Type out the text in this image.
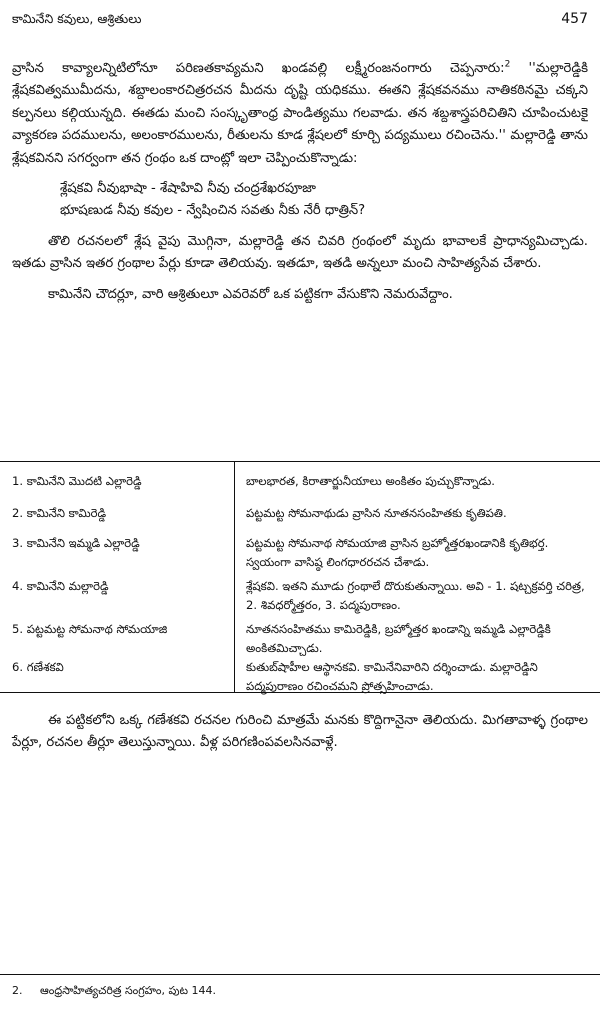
కామినేని కవులు, ఆశ్రితులు	457

వ్రాసిన కావ్యాలన్నిటిలోనూ పరిణతకావ్యమని ఖండవల్లి లక్ష్మీరంజనంగారు చెప్పనారు:$^2$ ''మల్లారెడ్డికి శ్లేషకవిత్వముమీదను, శబ్దాలంకారచిత్రరచన మీదను దృష్టి యధికము. ఈతని శ్లేషకవనము నాతికఠినమై చక్కని కల్పనలు కల్గియున్నది. ఈతడు మంచి సంస్కృతాంధ్ర పాండిత్యము గలవాడు. తన శబ్దశాస్త్రపరిచితిని చూపించుటకై వ్యాకరణ పదములను, అలంకారములను, రీతులను కూడ శ్లేషలలో కూర్చి పద్యములు రచించెను.'' మల్లారెడ్డి తాను శ్లేషకవినని సగర్వంగా తన గ్రంథం ఒక దాంట్లో ఇలా చెప్పించుకొన్నాడు:

శ్లేషకవి నీవుభాషా - శేషాహివి నీవు చంద్రశేఖరపూజా
భూషణుడ నీవు కవుల - న్వేషించిన సవతు నీకు నేరీ ధాత్రిన్?

తొలి రచనలలో శ్లేష వైపు మొగ్గినా, మల్లారెడ్డి తన చివరి గ్రంథంలో మృదు భావాలకే ప్రాధాన్యమిచ్చాడు. ఇతడు వ్రాసిన ఇతర గ్రంథాల పేర్లు కూడా తెలియవు. ఇతడూ, ఇతడి అన్నలూ మంచి సాహిత్యసేవ చేశారు.

కామినేని చౌదర్లూ, వారి ఆశ్రితులూ ఎవరెవరో ఒక పట్టికగా వేసుకొని నెమరువేద్దాం.

1. కామినేని మొదటి ఎల్లారెడ్డి	బాలభారత, కిరాతార్జునీయాలు అంకితం పుచ్చుకొన్నాడు.
2. కామినేని కామిరెడ్డి	పట్టమట్ట సోమనాథుడు వ్రాసిన నూతనసంహితకు కృతిపతి.
3. కామినేని ఇమ్మడి ఎల్లారెడ్డి	పట్టమట్ట సోమనాథ సోమయాజి వ్రాసిన బ్రహ్మోత్తరఖండానికి కృతిభర్త. స్వయంగా వాసిష్ఠ లింగధారరచన చేశాడు.
4. కామినేని మల్లారెడ్డి	శ్లేషకవి. ఇతని మూడు గ్రంథాలే దొరుకుతున్నాయి. అవి - 1. షట్చక్రవర్తి చరిత్ర, 2. శివధర్మోత్తరం, 3. పద్మపురాణం.
5. పట్టమట్ట సోమనాథ సోమయాజి	నూతనసంహితము కామిరెడ్డికి, బ్రహ్మోత్తర ఖండాన్ని ఇమ్మడి ఎల్లారెడ్డికి అంకితమిచ్చాడు.
6. గణేశకవి	కుతుబ్‌షాహీల ఆస్థానకవి. కామినేనివారిని దర్శించాడు. మల్లారెడ్డిని పద్మపురాణం రచించమని ప్రోత్సహించాడు.

ఈ పట్టికలోని ఒక్క గణేశకవి రచనల గురించి మాత్రమే మనకు కొద్దిగానైనా తెలియదు. మిగతావాళ్ళ గ్రంథాల పేర్లూ, రచనల తీర్లూ తెలుస్తున్నాయి. వీళ్ల పరిగణింపవలసినవాళ్లే.

2. ఆంధ్రసాహిత్యచరిత్ర సంగ్రహం, పుట 144.
